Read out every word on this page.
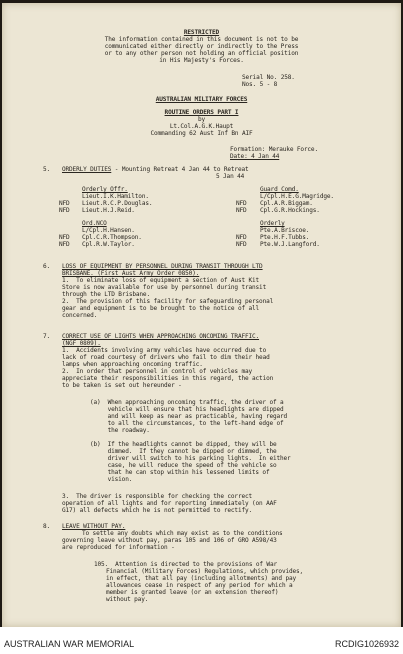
RESTRICTED
The information contained in this document is not to be
communicated either directly or indirectly to the Press
or to any other person not holding an official position
in His Majesty's Forces.
Serial No. 258.
Nos. 5 - 8
AUSTRALIAN MILITARY FORCES
ROUTINE ORDERS PART I
by
Lt.Col.A.G.K.Haupt
Commanding 62 Aust Inf Bn AIF
Formation: Merauke Force.
Date: 4 Jan 44
5. ORDERLY DUTIES - Mounting Retreat 4 Jan 44 to Retreat
5 Jan 44
Orderly Offr.
Lieut.I.K.Hamilton.
NFD Lieut.R.C.P.Douglas.
NFD Lieut.H.J.Reid.
Guard Comd.
L/Cpl.H.E.G.Magridge.
NFD Cpl.A.R.Biggam.
NFD Cpl.G.R.Hockings.
Ord.NCO
L/Cpl.H.Hansen.
NFD Cpl.C.R.Thompson.
NFD Cpl.R.W.Taylor.
Orderly
Pte.A.Briscoe.
NFD Pte.H.F.Tubbs.
NFD Pte.W.J.Langford.
6. LOSS OF EQUIPMENT BY PERSONNEL DURING TRANSIT THROUGH LTD
BRISBANE. (First Aust Army Order 0850).
1.  To eliminate loss of equipment a section of Aust Kit
Store is now available for use by personnel during transit
through the LTD Brisbane.
2.  The provision of this facility for safeguarding personal
gear and equipment is to be brought to the notice of all
concerned.
7. CORRECT USE OF LIGHTS WHEN APPROACHING ONCOMING TRAFFIC.
(NGF 0809).
1.  Accidents involving army vehicles have occurred due to
lack of road courtesy of drivers who fail to dim their head
lamps when approaching oncoming traffic.
2.  In order that personnel in control of vehicles may
appreciate their responsibilities in this regard, the action
to be taken is set out hereunder -
(a)  When approaching oncoming traffic, the driver of a
vehicle will ensure that his headlights are dipped
and will keep as near as practicable, having regard
to all the circumstances, to the left-hand edge of
the roadway.
(b)  If the headlights cannot be dipped, they will be
dimmed.  If they cannot be dipped or dimmed, the
driver will switch to his parking lights.  In either
case, he will reduce the speed of the vehicle so
that he can stop within his lessened limits of
vision.
3.  The driver is responsible for checking the correct
operation of all lights and for reporting immediately (on AAF
G17) all defects which he is not permitted to rectify.
8. LEAVE WITHOUT PAY.
To settle any doubts which may exist as to the conditions
governing leave without pay, paras 105 and 106 of GRO A598/43
are reproduced for information -
105.  Attention is directed to the provisions of War
Financial (Military Forces) Regulations, which provides,
in effect, that all pay (including allotments) and pay
allowances cease in respect of any period for which a
member is granted leave (or an extension thereof)
without pay.
AUSTRALIAN WAR MEMORIAL	RCDIG1026932
